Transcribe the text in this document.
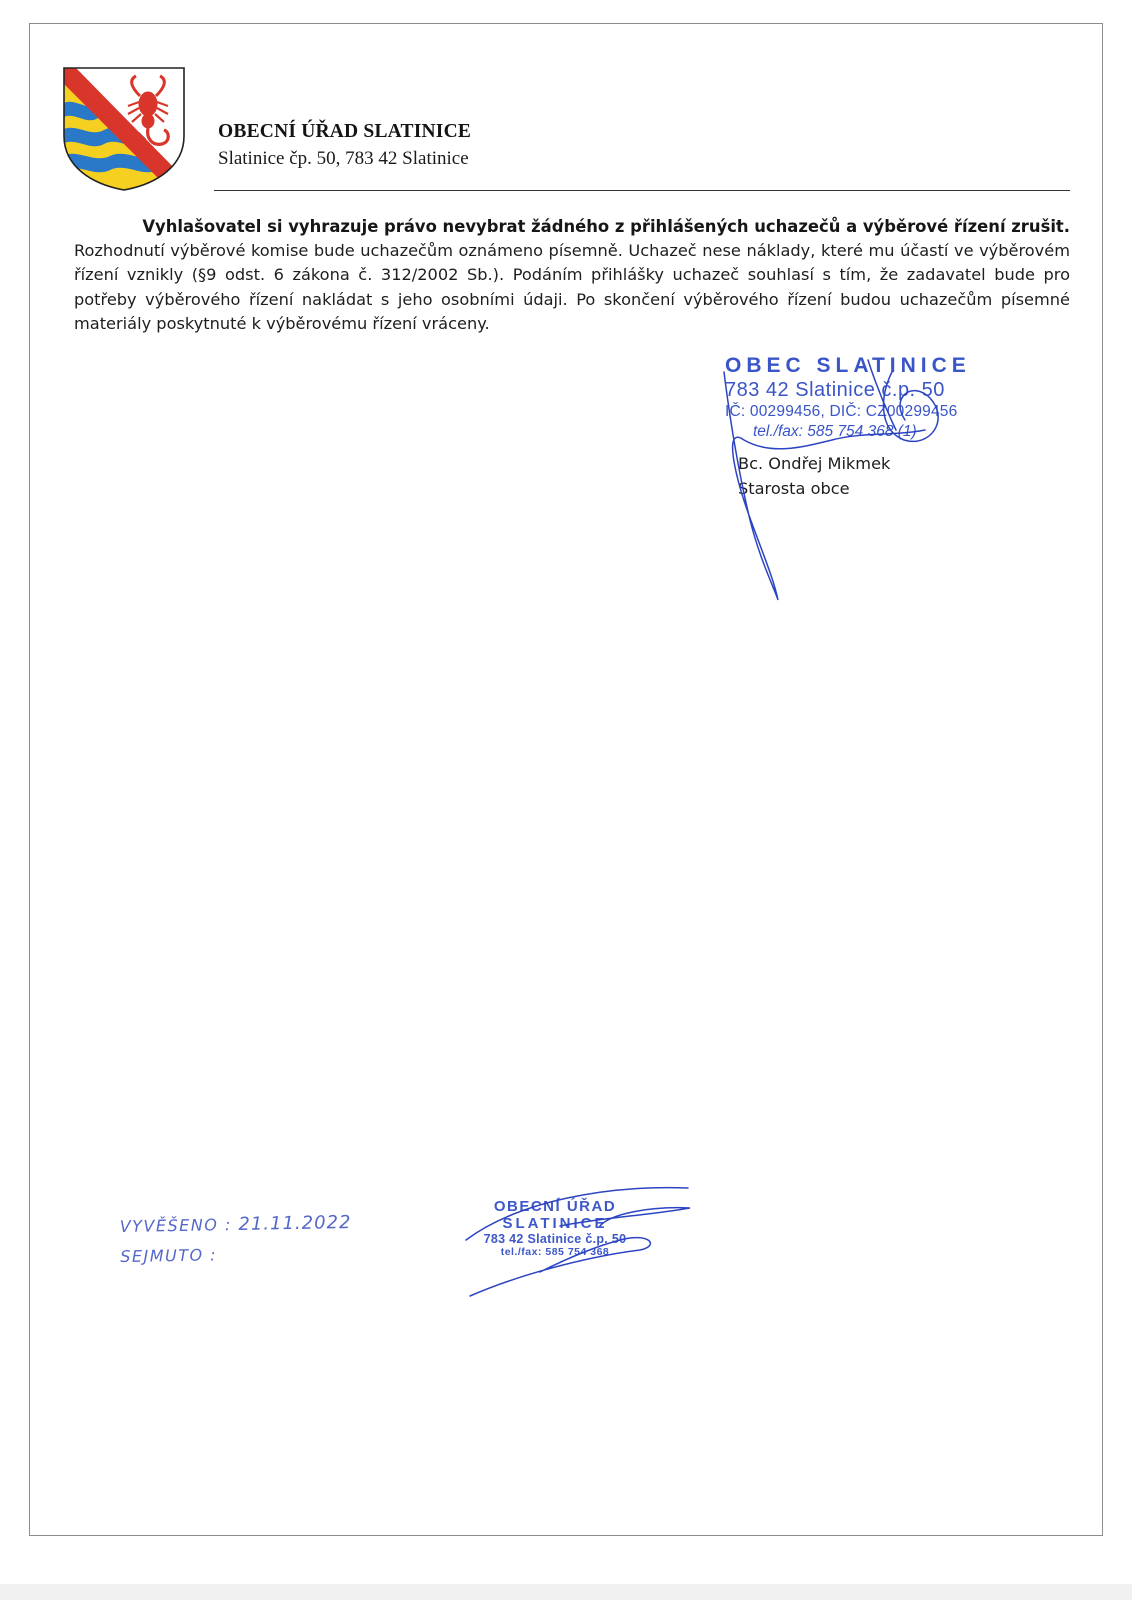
OBECNÍ ÚŘAD SLATINICE
Slatinice čp. 50, 783 42 Slatinice
Vyhlašovatel si vyhrazuje právo nevybrat žádného z přihlášených uchazečů a výběrové řízení zrušit.
Rozhodnutí výběrové komise bude uchazečům oznámeno písemně. Uchazeč nese náklady, které mu účastí ve výběrovém řízení vznikly (§9 odst. 6 zákona č. 312/2002 Sb.). Podáním přihlášky uchazeč souhlasí s tím, že zadavatel bude pro potřeby výběrového řízení nakládat s jeho osobními údaji. Po skončení výběrového řízení budou uchazečům písemné materiály poskytnuté k výběrovému řízení vráceny.
OBEC SLATINICE
783 42 Slatinice č.p. 50
IČ: 00299456, DIČ: CZ00299456
tel./fax: 585 754 368 (1)
Bc. Ondřej Mikmek
Starosta obce
VYVĚŠENO : 21.11.2022
SEJMUTO :
OBECNÍ ÚŘAD
SLATINICE
783 42 Slatinice č.p. 50
tel./fax: 585 754 368
